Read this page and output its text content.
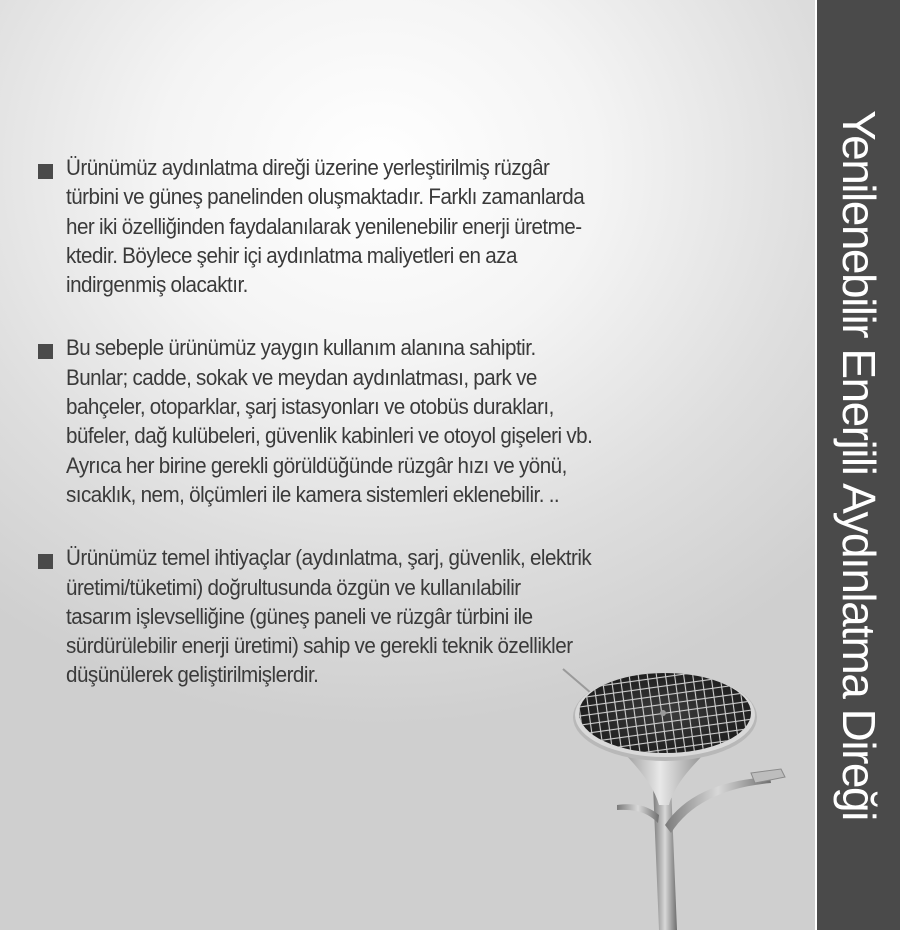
Ürünümüz aydınlatma direği üzerine yerleştirilmiş rüzgâr
türbini ve güneş panelinden oluşmaktadır. Farklı zamanlarda
her iki özelliğinden faydalanılarak yenilenebilir enerji üretme-
ktedir. Böylece şehir içi aydınlatma maliyetleri en aza
indirgenmiş olacaktır.
Bu sebeple ürünümüz yaygın kullanım alanına sahiptir.
Bunlar; cadde, sokak ve meydan aydınlatması, park ve
bahçeler, otoparklar, şarj istasyonları ve otobüs durakları,
büfeler, dağ kulübeleri, güvenlik kabinleri ve otoyol gişeleri vb.
Ayrıca her birine gerekli görüldüğünde rüzgâr hızı ve yönü,
sıcaklık, nem, ölçümleri ile kamera sistemleri eklenebilir. ..
Ürünümüz temel ihtiyaçlar (aydınlatma, şarj, güvenlik, elektrik
üretimi/tüketimi) doğrultusunda özgün ve kullanılabilir
tasarım işlevselliğine (güneş paneli ve rüzgâr türbini ile
sürdürülebilir enerji üretimi) sahip ve gerekli teknik özellikler
düşünülerek geliştirilmişlerdir.	Yenilenebilir Enerjili Aydınlatma Direği
